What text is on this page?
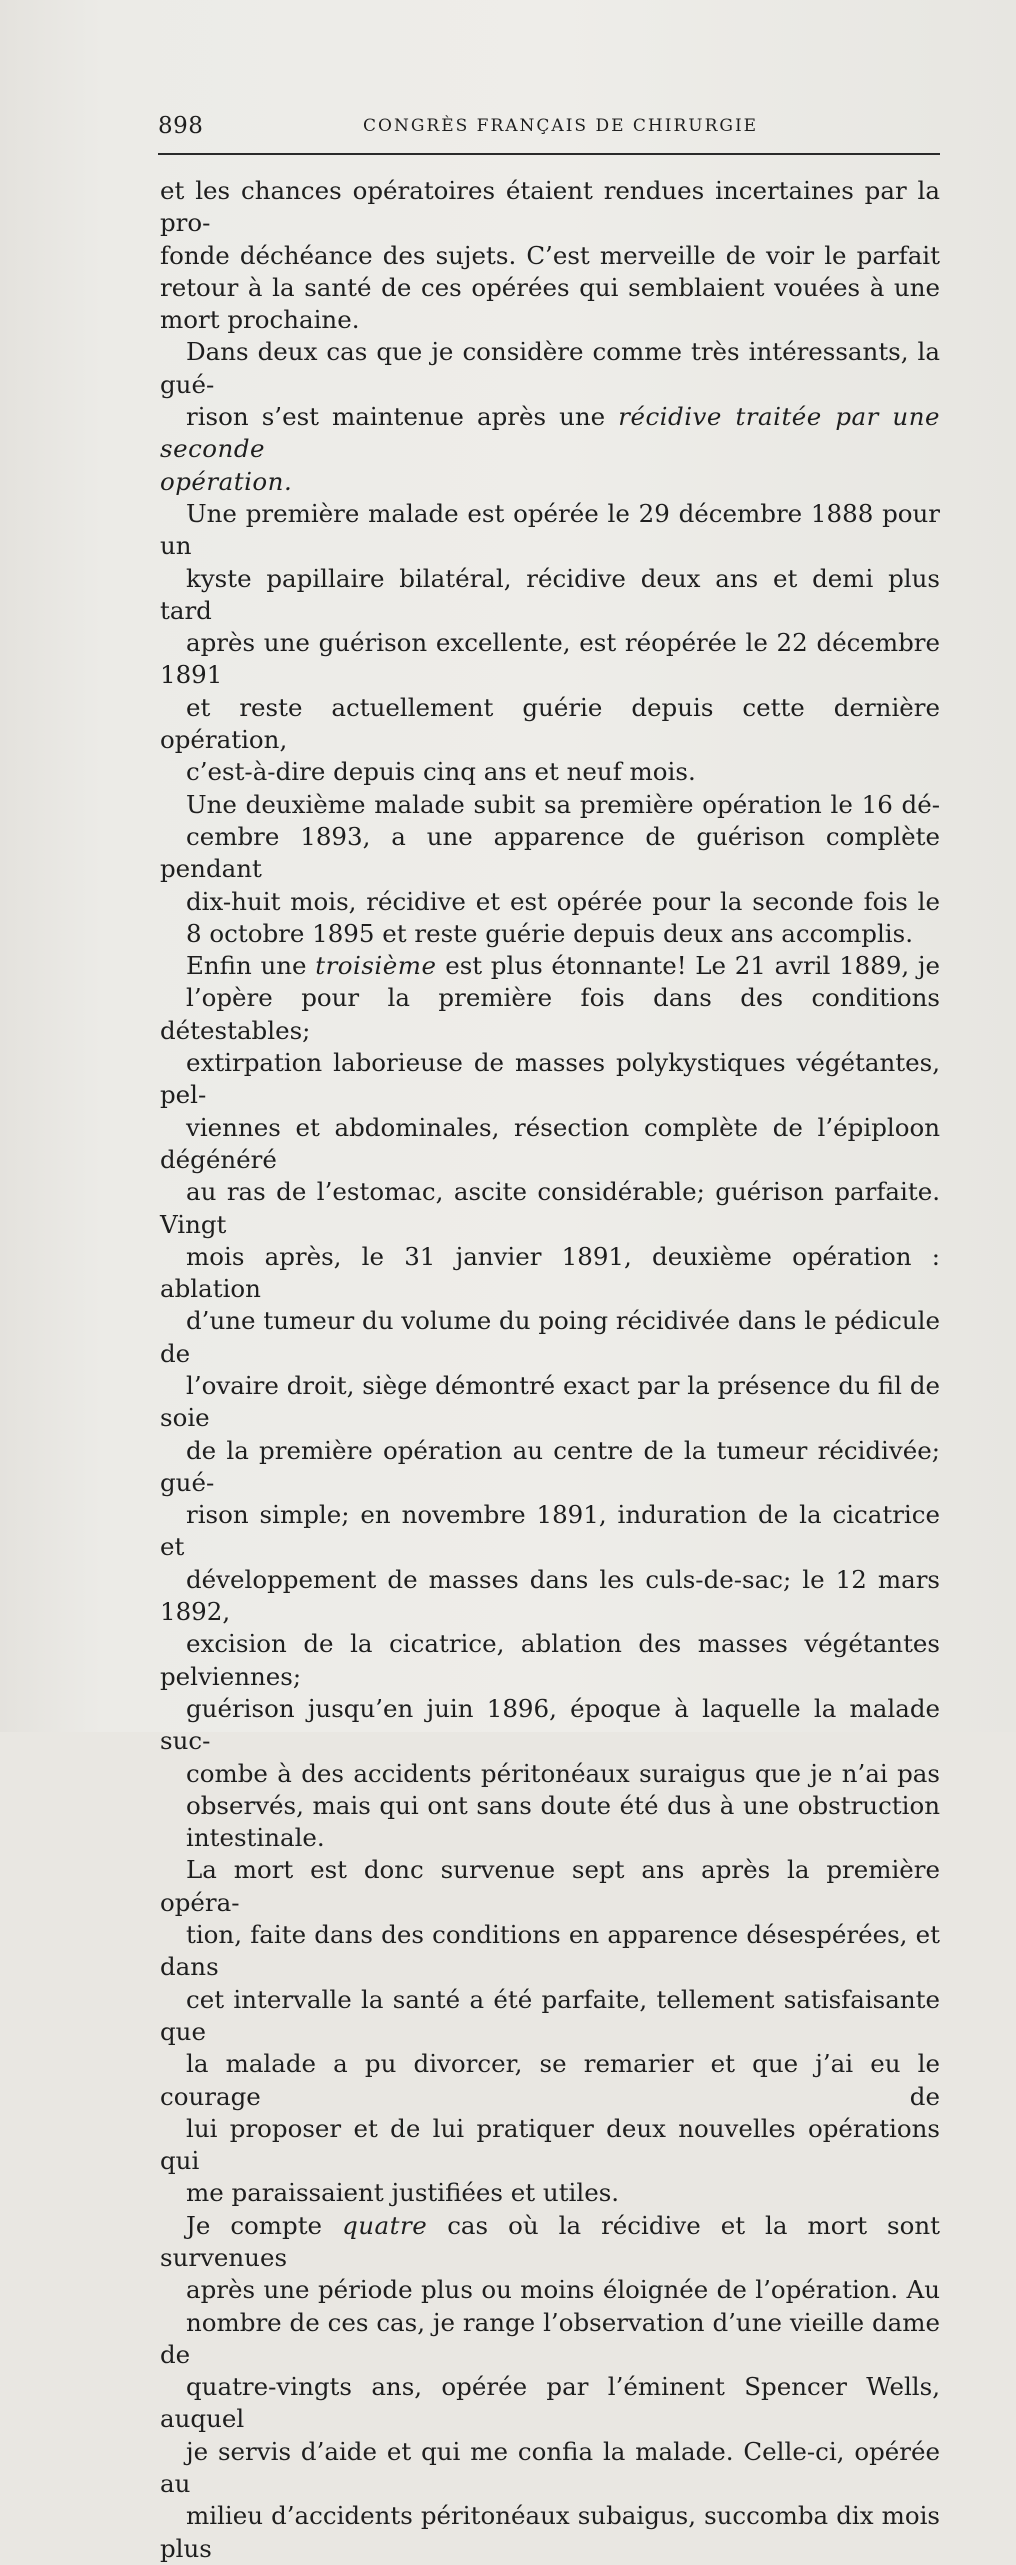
898	CONGRÈS FRANÇAIS DE CHIRURGIE

et les chances opératoires étaient rendues incertaines par la pro-
fonde déchéance des sujets. C’est merveille de voir le parfait
retour à la santé de ces opérées qui semblaient vouées à une
mort prochaine.

Dans deux cas que je considère comme très intéressants, la gué-
rison s’est maintenue après une récidive traitée par une seconde
opération.

Une première malade est opérée le 29 décembre 1888 pour un
kyste papillaire bilatéral, récidive deux ans et demi plus tard
après une guérison excellente, est réopérée le 22 décembre 1891
et reste actuellement guérie depuis cette dernière opération,
c’est-à-dire depuis cinq ans et neuf mois.

Une deuxième malade subit sa première opération le 16 dé-
cembre 1893, a une apparence de guérison complète pendant
dix-huit mois, récidive et est opérée pour la seconde fois le
8 octobre 1895 et reste guérie depuis deux ans accomplis.

Enfin une troisième est plus étonnante! Le 21 avril 1889, je
l’opère pour la première fois dans des conditions détestables;
extirpation laborieuse de masses polykystiques végétantes, pel-
viennes et abdominales, résection complète de l’épiploon dégénéré
au ras de l’estomac, ascite considérable; guérison parfaite. Vingt
mois après, le 31 janvier 1891, deuxième opération : ablation
d’une tumeur du volume du poing récidivée dans le pédicule de
l’ovaire droit, siège démontré exact par la présence du fil de soie
de la première opération au centre de la tumeur récidivée; gué-
rison simple; en novembre 1891, induration de la cicatrice et
développement de masses dans les culs-de-sac; le 12 mars 1892,
excision de la cicatrice, ablation des masses végétantes pelviennes;
guérison jusqu’en juin 1896, époque à laquelle la malade suc-
combe à des accidents péritonéaux suraigus que je n’ai pas
observés, mais qui ont sans doute été dus à une obstruction
intestinale.

La mort est donc survenue sept ans après la première opéra-
tion, faite dans des conditions en apparence désespérées, et dans
cet intervalle la santé a été parfaite, tellement satisfaisante que
la malade a pu divorcer, se remarier et que j’ai eu le courage de
lui proposer et de lui pratiquer deux nouvelles opérations qui
me paraissaient justifiées et utiles.

Je compte quatre cas où la récidive et la mort sont survenues
après une période plus ou moins éloignée de l’opération. Au
nombre de ces cas, je range l’observation d’une vieille dame de
quatre-vingts ans, opérée par l’éminent Spencer Wells, auquel
je servis d’aide et qui me confia la malade. Celle-ci, opérée au
milieu d’accidents péritonéaux subaigus, succomba dix mois plus
